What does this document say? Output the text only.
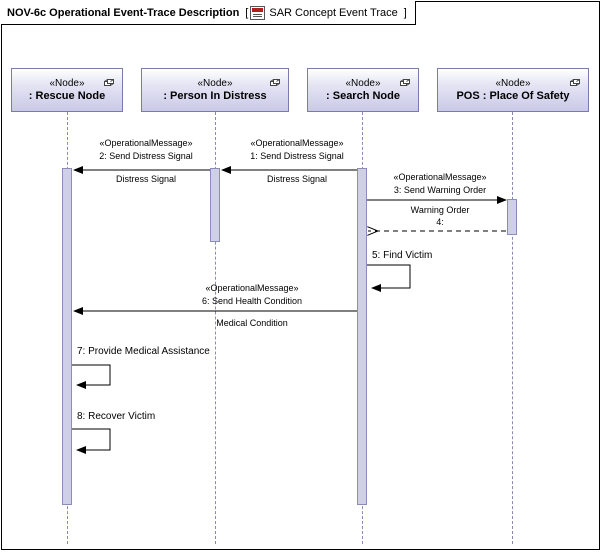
NOV-6c Operational Event-Trace Description [ SAR Concept Event Trace ]
«Node»
: Rescue Node
«Node»
: Person In Distress
«Node»
: Search Node
«Node»
POS : Place Of Safety
«OperationalMessage»
1: Send Distress Signal
Distress Signal
«OperationalMessage»
2: Send Distress Signal
Distress Signal	«OperationalMessage»
3: Send Warning Order
Warning Order
4:
5: Find Victim
«OperationalMessage»
6: Send Health Condition
Medical Condition
7: Provide Medical Assistance
8: Recover Victim
